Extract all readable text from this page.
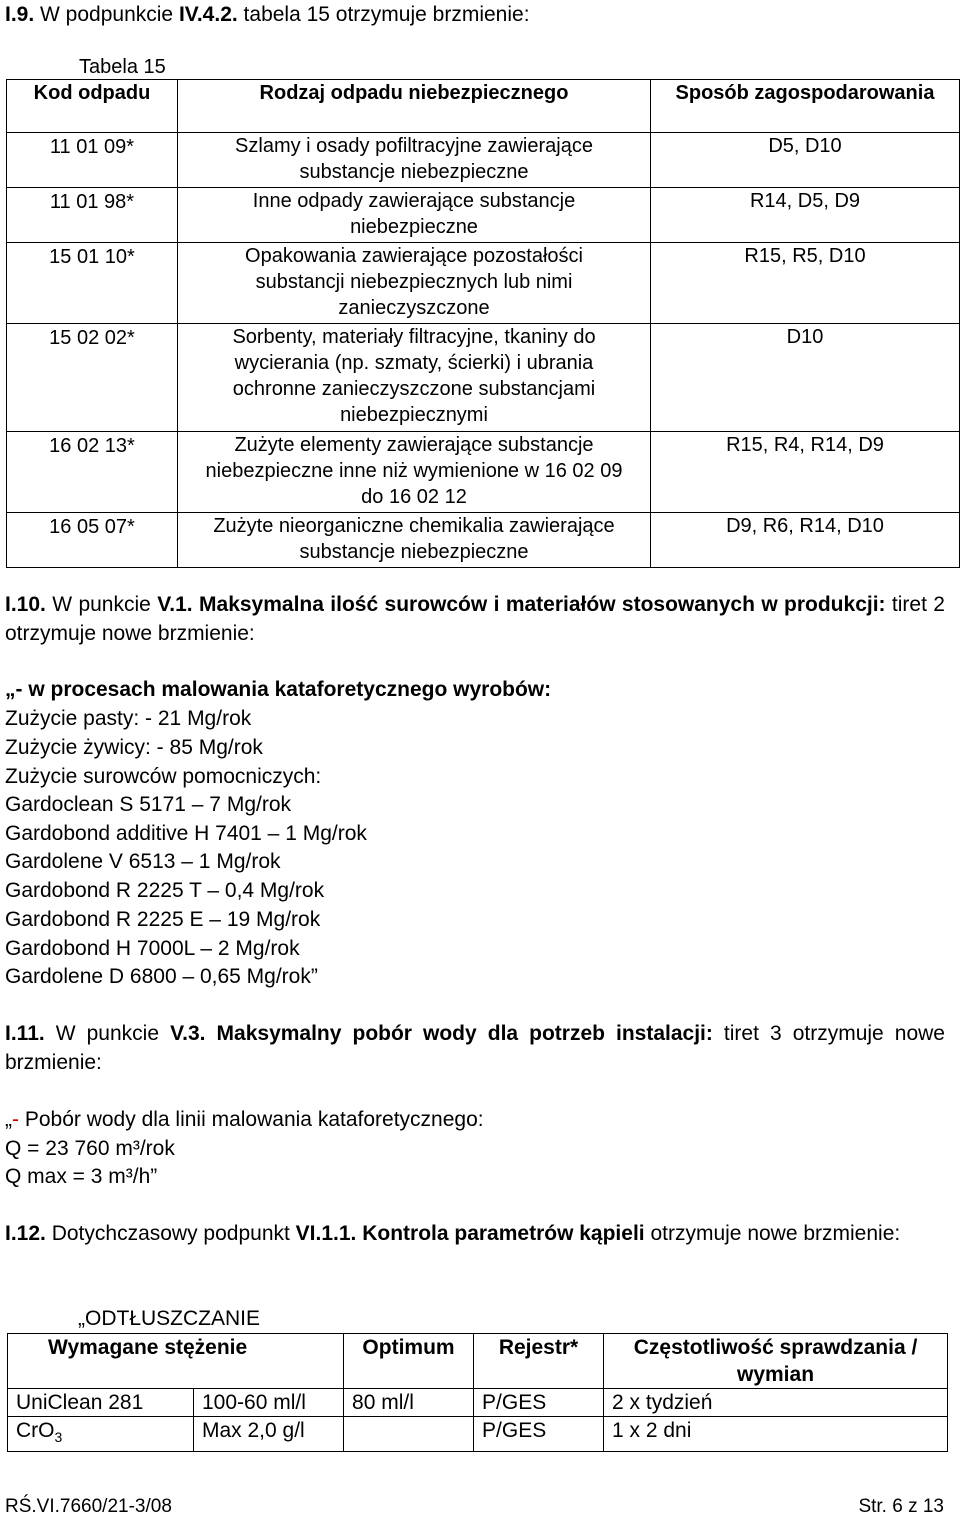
I.9. W podpunkcie IV.4.2. tabela 15 otrzymuje brzmienie:
Tabela 15
Kod odpadu	Rodzaj odpadu niebezpiecznego	Sposób zagospodarowania
11 01 09*	Szlamy i osady pofiltracyjne zawierające substancje niebezpieczne	D5, D10
11 01 98*	Inne odpady zawierające substancje niebezpieczne	R14, D5, D9
15 01 10*	Opakowania zawierające pozostałości substancji niebezpiecznych lub nimi zanieczyszczone	R15, R5, D10
15 02 02*	Sorbenty, materiały filtracyjne, tkaniny do wycierania (np. szmaty, ścierki) i ubrania ochronne zanieczyszczone substancjami niebezpiecznymi	D10
16 02 13*	Zużyte elementy zawierające substancje niebezpieczne inne niż wymienione w 16 02 09 do 16 02 12	R15, R4, R14, D9
16 05 07*	Zużyte nieorganiczne chemikalia zawierające substancje niebezpieczne	D9, R6, R14, D10
I.10. W punkcie V.1. Maksymalna ilość surowców i materiałów stosowanych w produkcji: tiret 2 otrzymuje nowe brzmienie:
„- w procesach malowania kataforetycznego wyrobów:
Zużycie pasty: - 21 Mg/rok
Zużycie żywicy: - 85 Mg/rok
Zużycie surowców pomocniczych:
Gardoclean S 5171 – 7 Mg/rok
Gardobond additive H 7401 – 1 Mg/rok
Gardolene V 6513 – 1 Mg/rok
Gardobond R 2225 T – 0,4 Mg/rok
Gardobond R 2225 E – 19 Mg/rok
Gardobond H 7000L – 2 Mg/rok
Gardolene D 6800 – 0,65 Mg/rok”
I.11. W punkcie V.3. Maksymalny pobór wody dla potrzeb instalacji: tiret 3 otrzymuje nowe brzmienie:
„- Pobór wody dla linii malowania kataforetycznego:
Q = 23 760 m³/rok
Q max = 3 m³/h”
I.12. Dotychczasowy podpunkt VI.1.1. Kontrola parametrów kąpieli otrzymuje nowe brzmienie:
„ODTŁUSZCZANIE
Wymagane stężenie		Optimum	Rejestr*	Częstotliwość sprawdzania / wymian
UniClean 281	100-60 ml/l	80 ml/l	P/GES	2 x tydzień
CrO$_3$	Max 2,0 g/l		P/GES	1 x 2 dni
RŚ.VI.7660/21-3/08	Str. 6 z 13
